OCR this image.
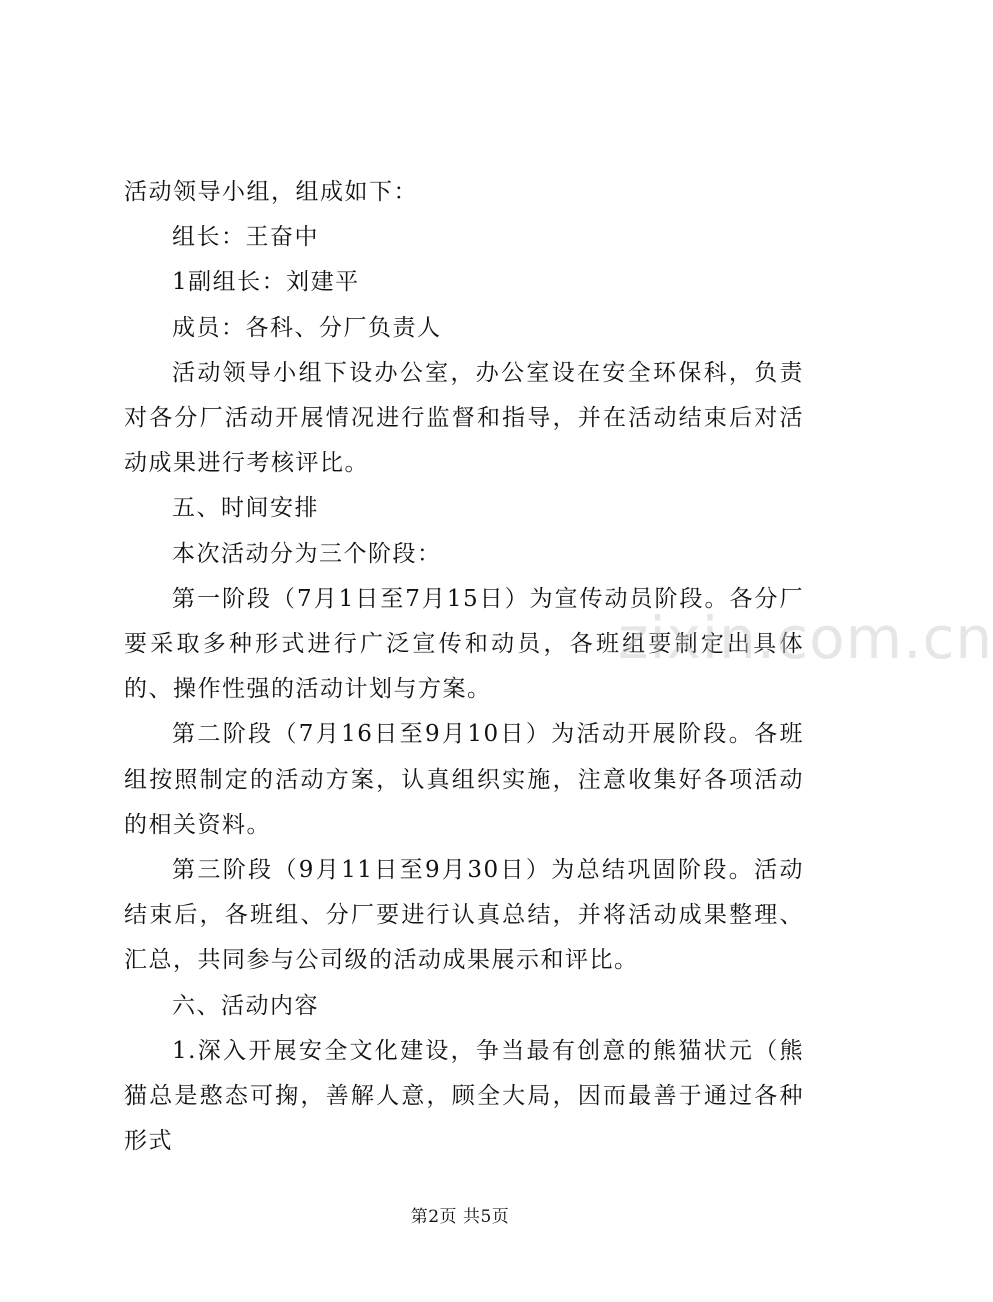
活动领导小组，组成如下：

组长：王奋中

1副组长：刘建平

成员：各科、分厂负责人

活动领导小组下设办公室，办公室设在安全环保科，负责对各分厂活动开展情况进行监督和指导，并在活动结束后对活动成果进行考核评比。

五、时间安排

本次活动分为三个阶段：

第一阶段（7月1日至7月15日）为宣传动员阶段。各分厂要采取多种形式进行广泛宣传和动员，各班组要制定出具体的、操作性强的活动计划与方案。

第二阶段（7月16日至9月10日）为活动开展阶段。各班组按照制定的活动方案，认真组织实施，注意收集好各项活动的相关资料。

第三阶段（9月11日至9月30日）为总结巩固阶段。活动结束后，各班组、分厂要进行认真总结，并将活动成果整理、汇总，共同参与公司级的活动成果展示和评比。

六、活动内容

1.深入开展安全文化建设，争当最有创意的熊猫状元（熊猫总是憨态可掬，善解人意，顾全大局，因而最善于通过各种形式

zixin.com.cn
第2页 共5页
